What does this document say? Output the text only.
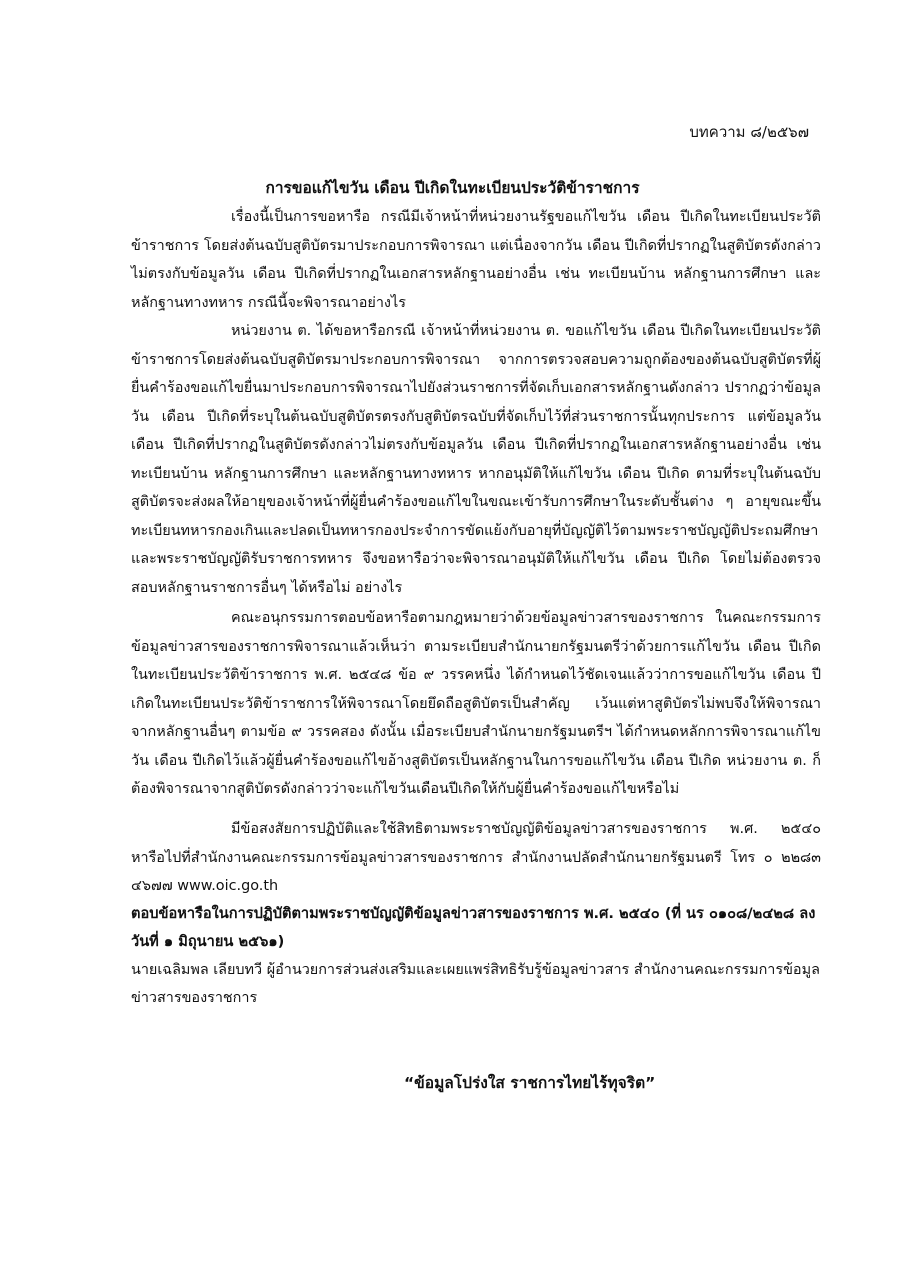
บทความ ๘/๒๕๖๗
การขอแก้ไขวัน เดือน ปีเกิดในทะเบียนประวัติข้าราชการ

เรื่องนี้เป็นการขอหารือ กรณีมีเจ้าหน้าที่หน่วยงานรัฐขอแก้ไขวัน เดือน ปีเกิดในทะเบียนประวัติข้าราชการ โดยส่งต้นฉบับสูติบัตรมาประกอบการพิจารณา แต่เนื่องจากวัน เดือน ปีเกิดที่ปรากฏในสูติบัตรดังกล่าวไม่ตรงกับข้อมูลวัน เดือน ปีเกิดที่ปรากฏในเอกสารหลักฐานอย่างอื่น เช่น ทะเบียนบ้าน หลักฐานการศึกษา และหลักฐานทางทหาร กรณีนี้จะพิจารณาอย่างไร

หน่วยงาน ต. ได้ขอหารือกรณี เจ้าหน้าที่หน่วยงาน ต. ขอแก้ไขวัน เดือน ปีเกิดในทะเบียนประวัติข้าราชการโดยส่งต้นฉบับสูติบัตรมาประกอบการพิจารณา จากการตรวจสอบความถูกต้องของต้นฉบับสูติบัตรที่ผู้ยื่นคำร้องขอแก้ไขยื่นมาประกอบการพิจารณาไปยังส่วนราชการที่จัดเก็บเอกสารหลักฐานดังกล่าว ปรากฏว่าข้อมูลวัน เดือน ปีเกิดที่ระบุในต้นฉบับสูติบัตรตรงกับสูติบัตรฉบับที่จัดเก็บไว้ที่ส่วนราชการนั้นทุกประการ แต่ข้อมูลวัน เดือน ปีเกิดที่ปรากฏในสูติบัตรดังกล่าวไม่ตรงกับข้อมูลวัน เดือน ปีเกิดที่ปรากฏในเอกสารหลักฐานอย่างอื่น เช่น ทะเบียนบ้าน หลักฐานการศึกษา และหลักฐานทางทหาร หากอนุมัติให้แก้ไขวัน เดือน ปีเกิด ตามที่ระบุในต้นฉบับสูติบัตรจะส่งผลให้อายุของเจ้าหน้าที่ผู้ยื่นคำร้องขอแก้ไขในขณะเข้ารับการศึกษาในระดับชั้นต่าง ๆ อายุขณะขึ้นทะเบียนทหารกองเกินและปลดเป็นทหารกองประจำการขัดแย้งกับอายุที่บัญญัติไว้ตามพระราชบัญญัติประถมศึกษา และพระราชบัญญัติรับราชการทหาร จึงขอหารือว่าจะพิจารณาอนุมัติให้แก้ไขวัน เดือน ปีเกิด โดยไม่ต้องตรวจสอบหลักฐานราชการอื่นๆ ได้หรือไม่ อย่างไร

คณะอนุกรรมการตอบข้อหารือตามกฎหมายว่าด้วยข้อมูลข่าวสารของราชการ ในคณะกรรมการข้อมูลข่าวสารของราชการพิจารณาแล้วเห็นว่า ตามระเบียบสำนักนายกรัฐมนตรีว่าด้วยการแก้ไขวัน เดือน ปีเกิดในทะเบียนประวัติข้าราชการ พ.ศ. ๒๕๔๘ ข้อ ๙ วรรคหนึ่ง ได้กำหนดไว้ชัดเจนแล้วว่าการขอแก้ไขวัน เดือน ปีเกิดในทะเบียนประวัติข้าราชการให้พิจารณาโดยยึดถือสูติบัตรเป็นสำคัญ เว้นแต่หาสูติบัตรไม่พบจึงให้พิจารณาจากหลักฐานอื่นๆ ตามข้อ ๙ วรรคสอง ดังนั้น เมื่อระเบียบสำนักนายกรัฐมนตรีฯ ได้กำหนดหลักการพิจารณาแก้ไขวัน เดือน ปีเกิดไว้แล้วผู้ยื่นคำร้องขอแก้ไขอ้างสูติบัตรเป็นหลักฐานในการขอแก้ไขวัน เดือน ปีเกิด หน่วยงาน ต. ก็ต้องพิจารณาจากสูติบัตรดังกล่าวว่าจะแก้ไขวันเดือนปีเกิดให้กับผู้ยื่นคำร้องขอแก้ไขหรือไม่

มีข้อสงสัยการปฏิบัติและใช้สิทธิตามพระราชบัญญัติข้อมูลข่าวสารของราชการ พ.ศ. ๒๕๔๐ หารือไปที่สำนักงานคณะกรรมการข้อมูลข่าวสารของราชการ สำนักงานปลัดสำนักนายกรัฐมนตรี โทร ๐ ๒๒๘๓ ๔๖๗๗ www.oic.go.th

ตอบข้อหารือในการปฏิบัติตามพระราชบัญญัติข้อมูลข่าวสารของราชการ พ.ศ. ๒๕๔๐ (ที่ นร ๐๑๐๘/๒๔๒๘ ลงวันที่ ๑ มิถุนายน ๒๕๖๑)

นายเฉลิมพล เลียบทวี ผู้อำนวยการส่วนส่งเสริมและเผยแพร่สิทธิรับรู้ข้อมูลข่าวสาร สำนักงานคณะกรรมการข้อมูลข่าวสารของราชการ

“ข้อมูลโปร่งใส ราชการไทยไร้ทุจริต”
